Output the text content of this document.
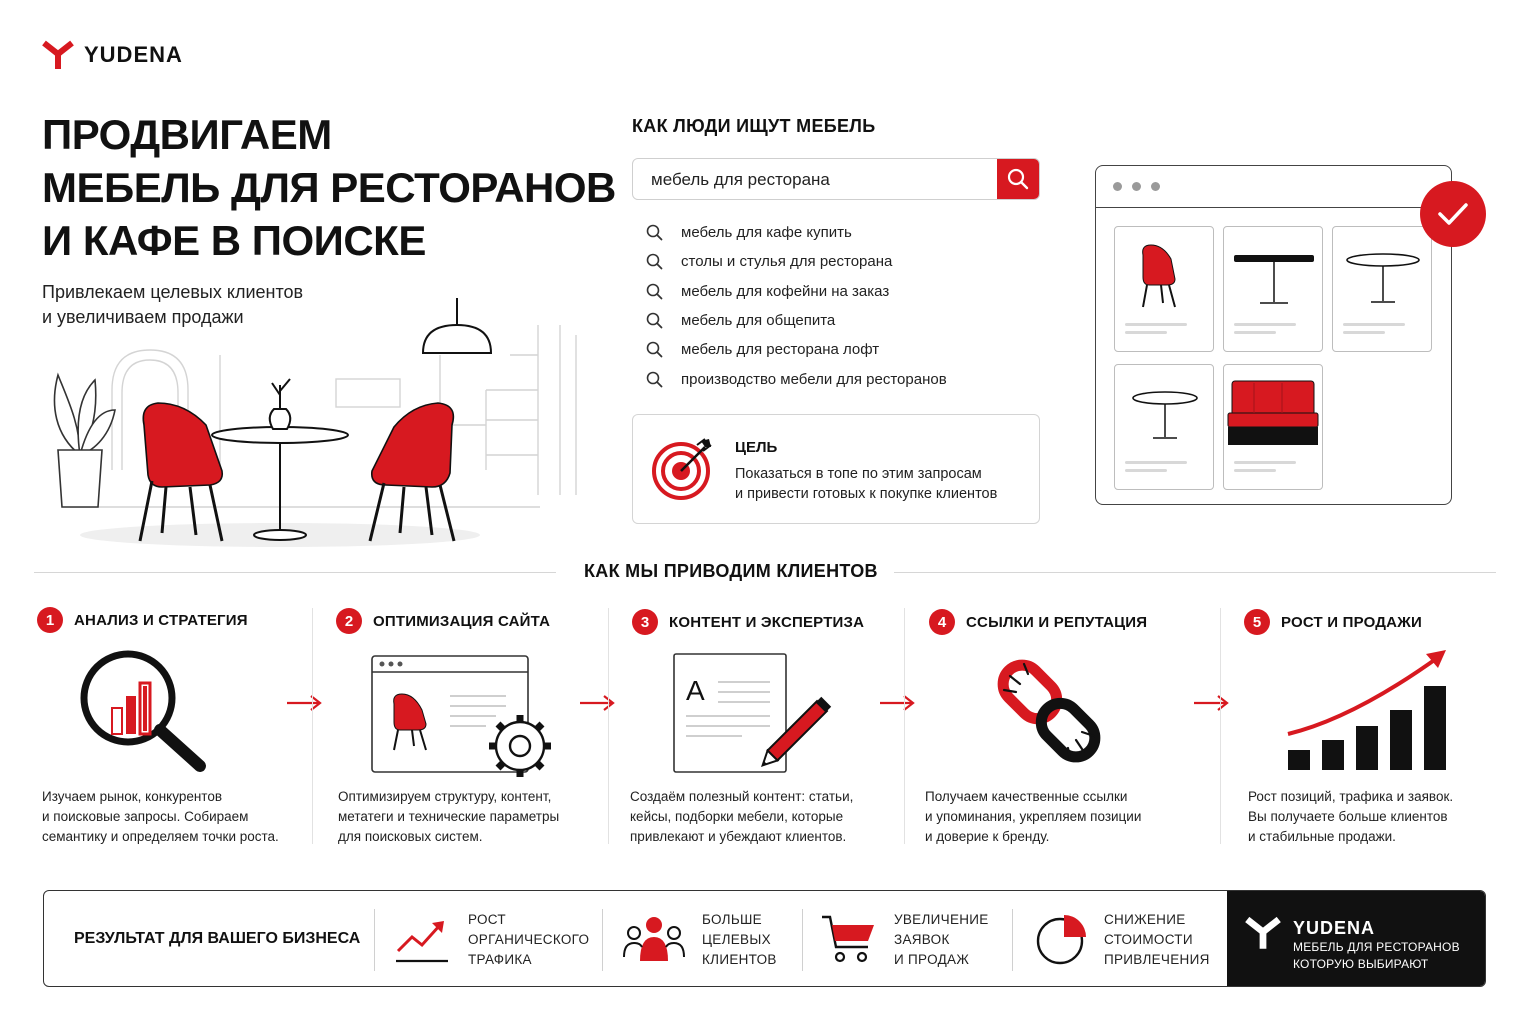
YUDENA
ПРОДВИГАЕМ
МЕБЕЛЬ ДЛЯ РЕСТОРАНОВ
И КАФЕ В ПОИСКЕ
Привлекаем целевых клиентов
и увеличиваем продажи
КАК ЛЮДИ ИЩУТ МЕБЕЛЬ
мебель для ресторана
мебель для кафе купить
столы и стулья для ресторана
мебель для кофейни на заказ
мебель для общепита
мебель для ресторана лофт
производство мебели для ресторанов
ЦЕЛЬ
Показаться в топе по этим запросам
и привести готовых к покупке клиентов
КАК МЫ ПРИВОДИМ КЛИЕНТОВ
1	АНАЛИЗ И СТРАТЕГИЯ
Изучаем рынок, конкурентов
и поисковые запросы. Собираем
семантику и определяем точки роста.
2	ОПТИМИЗАЦИЯ САЙТА
Оптимизируем структуру, контент,
метатеги и технические параметры
для поисковых систем.
3	КОНТЕНТ И ЭКСПЕРТИЗА
A
Создаём полезный контент: статьи,
кейсы, подборки мебели, которые
привлекают и убеждают клиентов.
4	ССЫЛКИ И РЕПУТАЦИЯ
Получаем качественные ссылки
и упоминания, укрепляем позиции
и доверие к бренду.
5	РОСТ И ПРОДАЖИ
Рост позиций, трафика и заявок.
Вы получаете больше клиентов
и стабильные продажи.
РЕЗУЛЬТАТ ДЛЯ ВАШЕГО БИЗНЕСА
РОСТ
ОРГАНИЧЕСКОГО
ТРАФИКА
БОЛЬШЕ
ЦЕЛЕВЫХ
КЛИЕНТОВ
УВЕЛИЧЕНИЕ
ЗАЯВОК
И ПРОДАЖ
СНИЖЕНИЕ
СТОИМОСТИ
ПРИВЛЕЧЕНИЯ
YUDENA
МЕБЕЛЬ ДЛЯ РЕСТОРАНОВ
КОТОРУЮ ВЫБИРАЮТ
